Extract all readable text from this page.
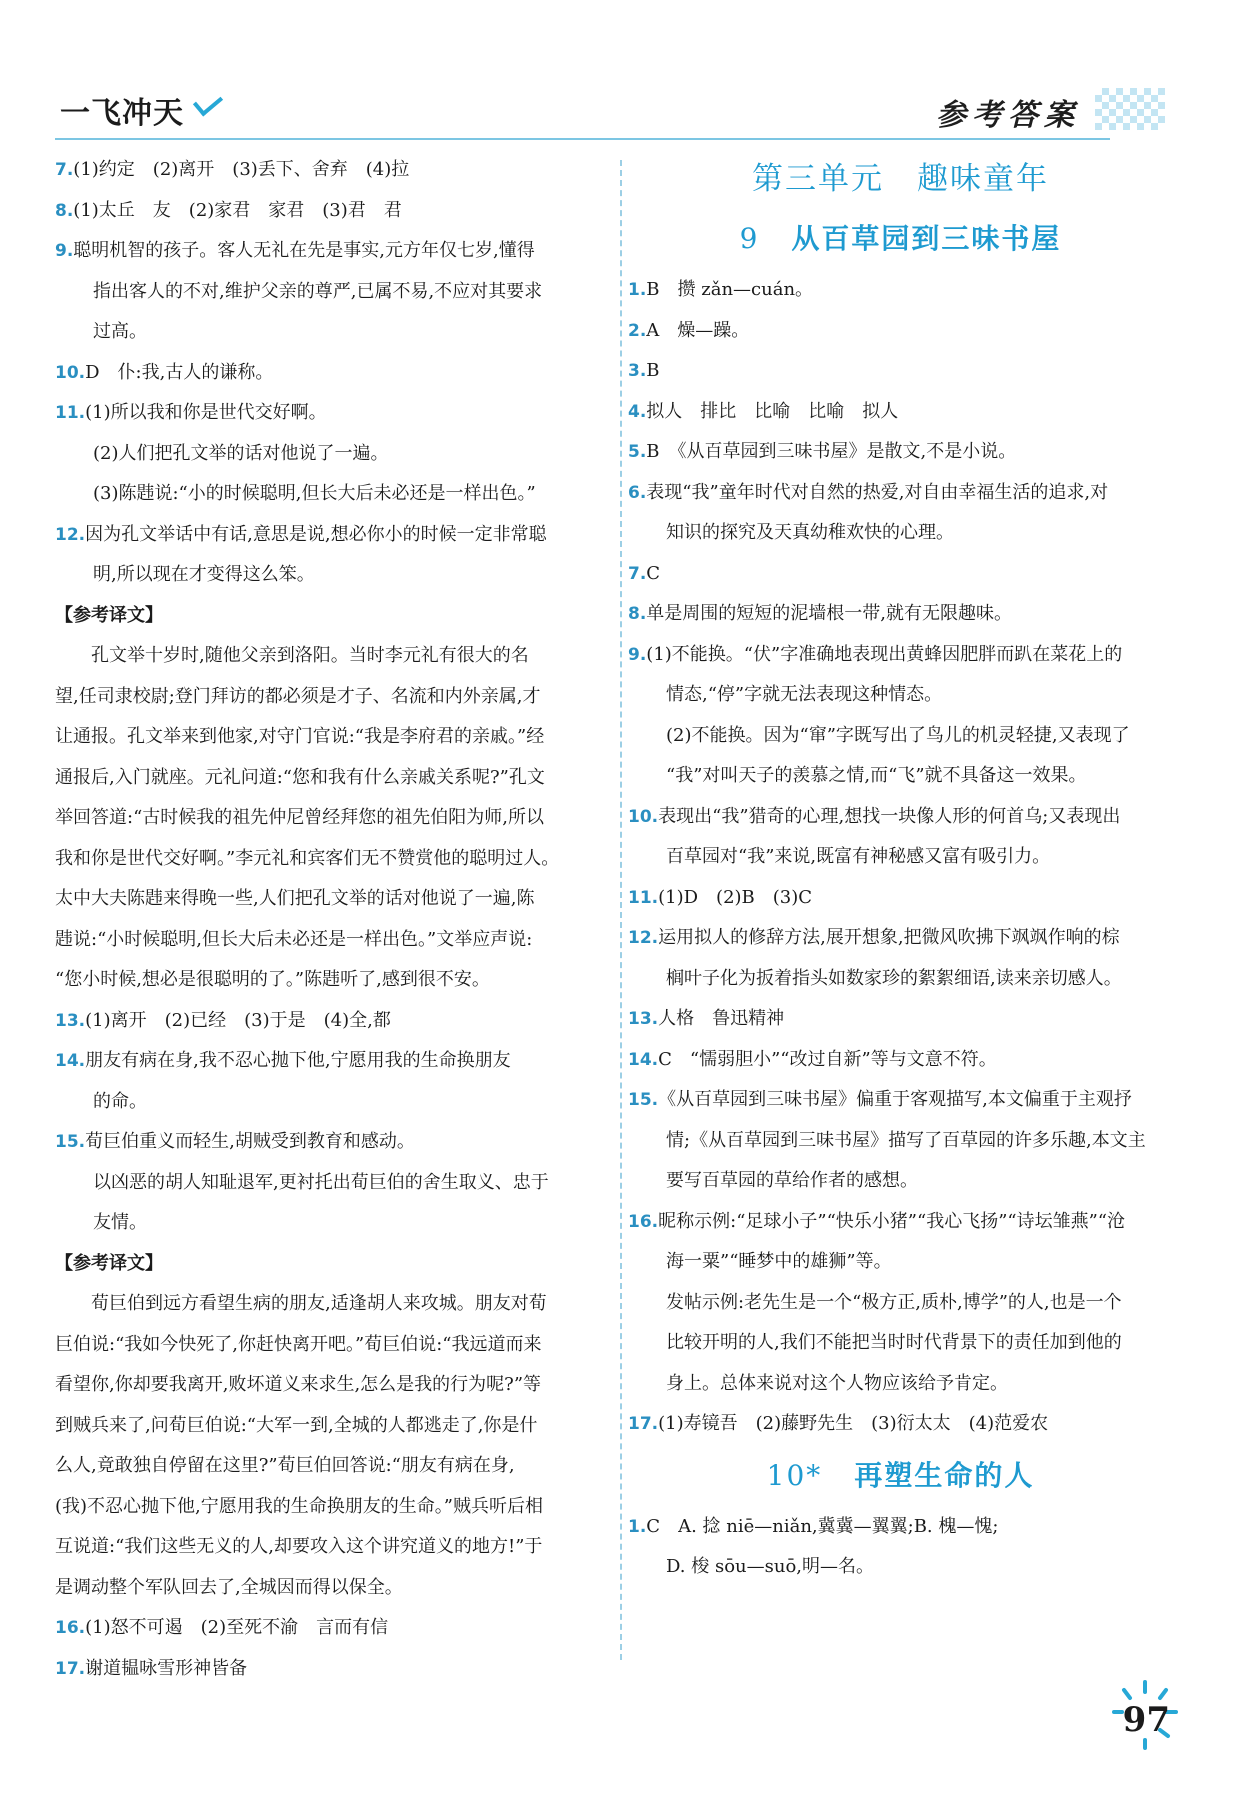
一飞冲天	参考答案
7.(1)约定　(2)离开　(3)丢下、舍弃　(4)拉
8.(1)太丘　友　(2)家君　家君　(3)君　君
9.聪明机智的孩子。客人无礼在先是事实,元方年仅七岁,懂得
指出客人的不对,维护父亲的尊严,已属不易,不应对其要求
过高。
10.D　仆:我,古人的谦称。
11.(1)所以我和你是世代交好啊。
(2)人们把孔文举的话对他说了一遍。
(3)陈韪说:“小的时候聪明,但长大后未必还是一样出色。”
12.因为孔文举话中有话,意思是说,想必你小的时候一定非常聪
明,所以现在才变得这么笨。
【参考译文】
孔文举十岁时,随他父亲到洛阳。当时李元礼有很大的名
望,任司隶校尉;登门拜访的都必须是才子、名流和内外亲属,才
让通报。孔文举来到他家,对守门官说:“我是李府君的亲戚。”经
通报后,入门就座。元礼问道:“您和我有什么亲戚关系呢?”孔文
举回答道:“古时候我的祖先仲尼曾经拜您的祖先伯阳为师,所以
我和你是世代交好啊。”李元礼和宾客们无不赞赏他的聪明过人。
太中大夫陈韪来得晚一些,人们把孔文举的话对他说了一遍,陈
韪说:“小时候聪明,但长大后未必还是一样出色。”文举应声说:
“您小时候,想必是很聪明的了。”陈韪听了,感到很不安。
13.(1)离开　(2)已经　(3)于是　(4)全,都
14.朋友有病在身,我不忍心抛下他,宁愿用我的生命换朋友
的命。
15.荀巨伯重义而轻生,胡贼受到教育和感动。
以凶恶的胡人知耻退军,更衬托出荀巨伯的舍生取义、忠于
友情。
【参考译文】
荀巨伯到远方看望生病的朋友,适逢胡人来攻城。朋友对荀
巨伯说:“我如今快死了,你赶快离开吧。”荀巨伯说:“我远道而来
看望你,你却要我离开,败坏道义来求生,怎么是我的行为呢?”等
到贼兵来了,问荀巨伯说:“大军一到,全城的人都逃走了,你是什
么人,竟敢独自停留在这里?”荀巨伯回答说:“朋友有病在身,
(我)不忍心抛下他,宁愿用我的生命换朋友的生命。”贼兵听后相
互说道:“我们这些无义的人,却要攻入这个讲究道义的地方!”于
是调动整个军队回去了,全城因而得以保全。
16.(1)怒不可遏　(2)至死不渝　言而有信
17.谢道韫咏雪形神皆备
第三单元　趣味童年
9 从百草园到三味书屋
1.B　攒 zǎn—cuán。
2.A　燥—躁。
3.B
4.拟人　排比　比喻　比喻　拟人
5.B　《从百草园到三味书屋》是散文,不是小说。
6.表现“我”童年时代对自然的热爱,对自由幸福生活的追求,对
知识的探究及天真幼稚欢快的心理。
7.C
8.单是周围的短短的泥墙根一带,就有无限趣味。
9.(1)不能换。“伏”字准确地表现出黄蜂因肥胖而趴在菜花上的
情态,“停”字就无法表现这种情态。
(2)不能换。因为“窜”字既写出了鸟儿的机灵轻捷,又表现了
“我”对叫天子的羡慕之情,而“飞”就不具备这一效果。
10.表现出“我”猎奇的心理,想找一块像人形的何首乌;又表现出
百草园对“我”来说,既富有神秘感又富有吸引力。
11.(1)D　(2)B　(3)C
12.运用拟人的修辞方法,展开想象,把微风吹拂下飒飒作响的棕
榈叶子化为扳着指头如数家珍的絮絮细语,读来亲切感人。
13.人格　鲁迅精神
14.C　“懦弱胆小”“改过自新”等与文意不符。
15.《从百草园到三味书屋》偏重于客观描写,本文偏重于主观抒
情;《从百草园到三味书屋》描写了百草园的许多乐趣,本文主
要写百草园的草给作者的感想。
16.昵称示例:“足球小子”“快乐小猪”“我心飞扬”“诗坛雏燕”“沧
海一粟”“睡梦中的雄狮”等。
发帖示例:老先生是一个“极方正,质朴,博学”的人,也是一个
比较开明的人,我们不能把当时时代背景下的责任加到他的
身上。总体来说对这个人物应该给予肯定。
17.(1)寿镜吾　(2)藤野先生　(3)衍太太　(4)范爱农
10* 再塑生命的人
1.C　A. 捻 niē—niǎn,冀冀—翼翼;B. 槐—愧;
D. 梭 sōu—suō,明—名。
97
